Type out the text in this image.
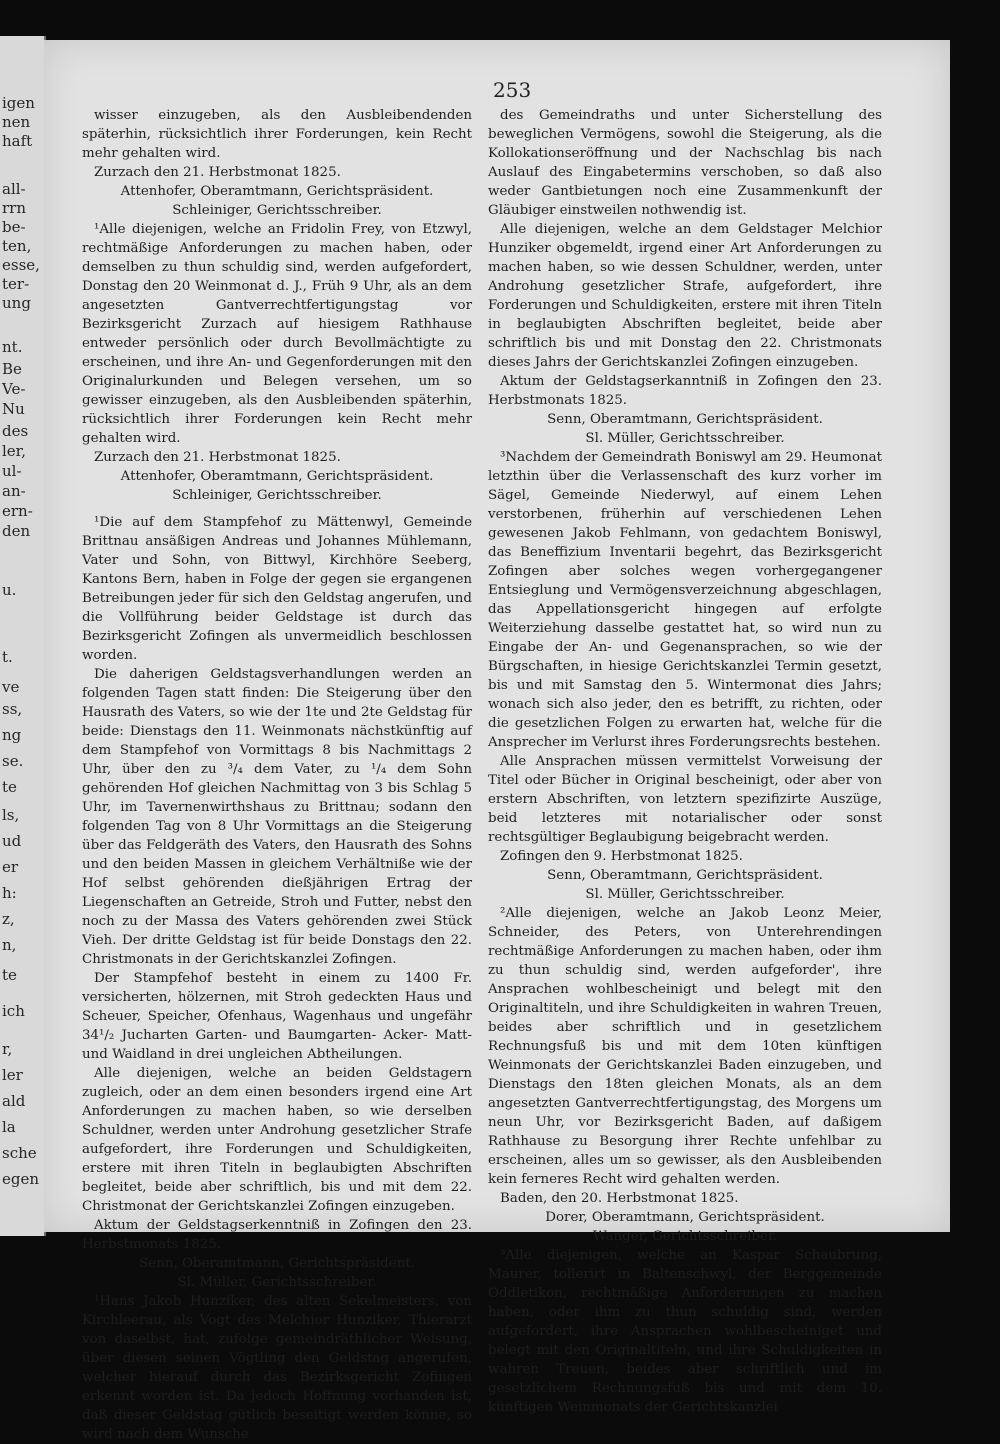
igen
nen
haft
all-
rrn
be-
ten,
esse,
ter-
ung
nt.
Be
Ve-
Nu
des
ler,
ul-
an-
ern-
den
u.
t.
ve
ss,
ng
se.
te
ls,
ud
er
h:
z,
n,
te
ich
r,
ler
ald
la
sche
egen
253

wisser einzugeben, als den Ausbleibendenden späterhin, rücksichtlich ihrer Forderungen, kein Recht mehr gehalten wird.

Zurzach den 21. Herbstmonat 1825.

Attenhofer, Oberamtmann, Gerichtspräsident.

Schleiniger, Gerichtsschreiber.

¹Alle diejenigen, welche an Fridolin Frey, von Etzwyl, rechtmäßige Anforderungen zu machen haben, oder demselben zu thun schuldig sind, werden aufgefordert, Donstag den 20 Weinmonat d. J., Früh 9 Uhr, als an dem angesetzten Gantverrechtfertigungstag vor Bezirksgericht Zurzach auf hiesigem Rathhause entweder persönlich oder durch Bevollmächtigte zu erscheinen, und ihre An- und Gegenforderungen mit den Originalurkunden und Belegen versehen, um so gewisser einzugeben, als den Ausbleibenden späterhin, rücksichtlich ihrer Forderungen kein Recht mehr gehalten wird.

Zurzach den 21. Herbstmonat 1825.

Attenhofer, Oberamtmann, Gerichtspräsident.

Schleiniger, Gerichtsschreiber.

¹Die auf dem Stampfehof zu Mättenwyl, Gemeinde Brittnau ansäßigen Andreas und Johannes Mühlemann, Vater und Sohn, von Bittwyl, Kirchhöre Seeberg, Kantons Bern, haben in Folge der gegen sie ergangenen Betreibungen jeder für sich den Geldstag angerufen, und die Vollführung beider Geldstage ist durch das Bezirksgericht Zofingen als unvermeidlich beschlossen worden.

Die daherigen Geldstagsverhandlungen werden an folgenden Tagen statt finden: Die Steigerung über den Hausrath des Vaters, so wie der 1te und 2te Geldstag für beide: Dienstags den 11. Weinmonats nächstkünftig auf dem Stampfehof von Vormittags 8 bis Nachmittags 2 Uhr, über den zu ³/₄ dem Vater, zu ¹/₄ dem Sohn gehörenden Hof gleichen Nachmittag von 3 bis Schlag 5 Uhr, im Tavernenwirthshaus zu Brittnau; sodann den folgenden Tag von 8 Uhr Vormittags an die Steigerung über das Feldgeräth des Vaters, den Hausrath des Sohns und den beiden Massen in gleichem Verhältniße wie der Hof selbst gehörenden dießjährigen Ertrag der Liegenschaften an Getreide, Stroh und Futter, nebst den noch zu der Massa des Vaters gehörenden zwei Stück Vieh. Der dritte Geldstag ist für beide Donstags den 22. Christmonats in der Gerichtskanzlei Zofingen.

Der Stampfehof besteht in einem zu 1400 Fr. versicherten, hölzernen, mit Stroh gedeckten Haus und Scheuer, Speicher, Ofenhaus, Wagenhaus und ungefähr 34¹/₂ Jucharten Garten- und Baumgarten- Acker- Matt- und Waidland in drei ungleichen Abtheilungen.

Alle diejenigen, welche an beiden Geldstagern zugleich, oder an dem einen besonders irgend eine Art Anforderungen zu machen haben, so wie derselben Schuldner, werden unter Androhung gesetzlicher Strafe aufgefordert, ihre Forderungen und Schuldigkeiten, erstere mit ihren Titeln in beglaubigten Abschriften begleitet, beide aber schriftlich, bis und mit dem 22. Christmonat der Gerichtskanzlei Zofingen einzugeben.

Aktum der Geldstagserkenntniß in Zofingen den 23. Herbstmonats 1825.

Senn, Oberamtmann, Gerichtspräsident.

Sl. Müller, Gerichtsschreiber.

¹Hans Jakob Hunziker, des alten Sekelmeisters, von Kirchleerau, als Vogt des Melchior Hunziker, Thierarzt von daselbst, hat, zufolge gemeindräthlicher Weisung, über diesen seinen Vögtling den Geldstag angerufen, welcher hierauf durch das Bezirksgericht Zofingen erkennt worden ist. Da jedoch Hoffnung vorhanden ist, daß dieser Geldstag gütlich beseitigt werden könne, so wird nach dem Wunsche

des Gemeindraths und unter Sicherstellung des beweglichen Vermögens, sowohl die Steigerung, als die Kollokationseröffnung und der Nachschlag bis nach Auslauf des Eingabetermins verschoben, so daß also weder Gantbietungen noch eine Zusammenkunft der Gläubiger einstweilen nothwendig ist.

Alle diejenigen, welche an dem Geldstager Melchior Hunziker obgemeldt, irgend einer Art Anforderungen zu machen haben, so wie dessen Schuldner, werden, unter Androhung gesetzlicher Strafe, aufgefordert, ihre Forderungen und Schuldigkeiten, erstere mit ihren Titeln in beglaubigten Abschriften begleitet, beide aber schriftlich bis und mit Donstag den 22. Christmonats dieses Jahrs der Gerichtskanzlei Zofingen einzugeben.

Aktum der Geldstagserkanntniß in Zofingen den 23. Herbstmonats 1825.

Senn, Oberamtmann, Gerichtspräsident.

Sl. Müller, Gerichtsschreiber.

³Nachdem der Gemeindrath Boniswyl am 29. Heumonat letzthin über die Verlassenschaft des kurz vorher im Sägel, Gemeinde Niederwyl, auf einem Lehen verstorbenen, früherhin auf verschiedenen Lehen gewesenen Jakob Fehlmann, von gedachtem Boniswyl, das Beneffizium Inventarii begehrt, das Bezirksgericht Zofingen aber solches wegen vorhergegangener Entsieglung und Vermögensverzeichnung abgeschlagen, das Appellationsgericht hingegen auf erfolgte Weiterziehung dasselbe gestattet hat, so wird nun zu Eingabe der An- und Gegenansprachen, so wie der Bürgschaften, in hiesige Gerichtskanzlei Termin gesetzt, bis und mit Samstag den 5. Wintermonat dies Jahrs; wonach sich also jeder, den es betrifft, zu richten, oder die gesetzlichen Folgen zu erwarten hat, welche für die Ansprecher im Verlurst ihres Forderungsrechts bestehen.

Alle Ansprachen müssen vermittelst Vorweisung der Titel oder Bücher in Original bescheinigt, oder aber von erstern Abschriften, von letztern spezifizirte Auszüge, beid letzteres mit notarialischer oder sonst rechtsgültiger Beglaubigung beigebracht werden.

Zofingen den 9. Herbstmonat 1825.

Senn, Oberamtmann, Gerichtspräsident.

Sl. Müller, Gerichtsschreiber.

²Alle diejenigen, welche an Jakob Leonz Meier, Schneider, des Peters, von Unterehrendingen rechtmäßige Anforderungen zu machen haben, oder ihm zu thun schuldig sind, werden aufgeforder', ihre Ansprachen wohlbescheinigt und belegt mit den Originaltiteln, und ihre Schuldigkeiten in wahren Treuen, beides aber schriftlich und in gesetzlichem Rechnungsfuß bis und mit dem 10ten künftigen Weinmonats der Gerichtskanzlei Baden einzugeben, und Dienstags den 18ten gleichen Monats, als an dem angesetzten Gantverrechtfertigungstag, des Morgens um neun Uhr, vor Bezirksgericht Baden, auf daßigem Rathhause zu Besorgung ihrer Rechte unfehlbar zu erscheinen, alles um so gewisser, als den Ausbleibenden kein ferneres Recht wird gehalten werden.

Baden, den 20. Herbstmonat 1825.

Dorer, Oberamtmann, Gerichtspräsident.

Wanger, Gerichtsschreiber.

³Alle diejenigen, welche an Kaspar Schaubrung, Maurer, tollerirt in Baltenschwyl, der Berggemeinde Oddletikon, rechtmäßige Anforderungen zu machen haben, oder ihm zu thun schuldig sind, werden aufgefordert, ihre Ansprachen wohlbescheiniget und belegt mit den Originaltiteln, und ihre Schuldigkeiten in wahren Treuen, beides aber schriftlich und im gesetzlichem Rechnungsfuß bis und mit dem 10. künftigen Weinmonats der Gerichtskanzlei
